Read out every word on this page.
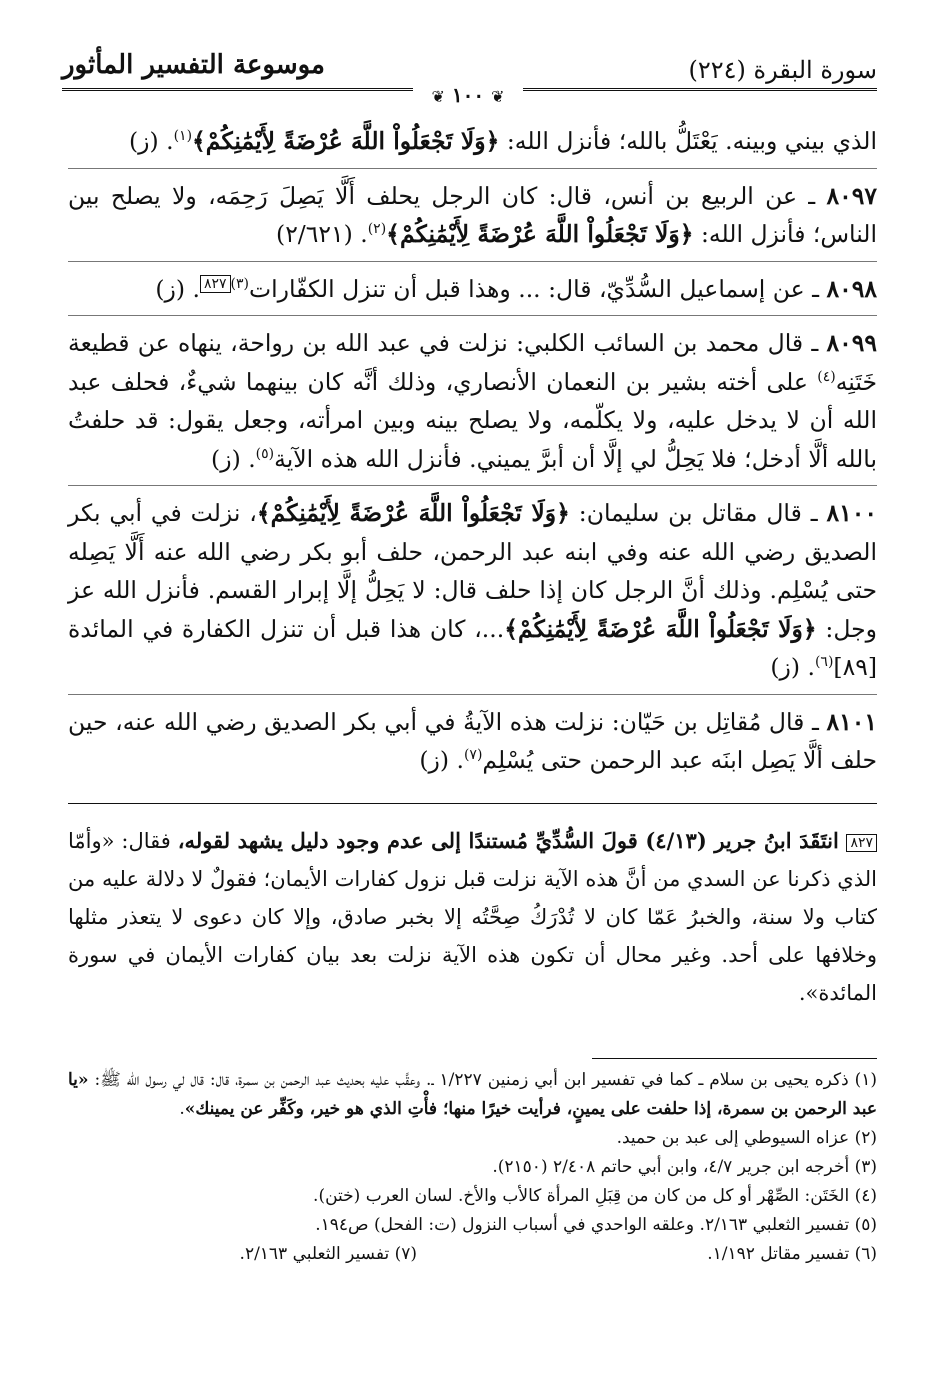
سورة البقرة (٢٢٤)
موسوعة التفسير المأثور
❦ ١٠٠ ❦

الذي بيني وبينه. يَعْتَلُّ بالله؛ فأنزل الله: ﴿وَلَا تَجْعَلُواْ اللَّهَ عُرْضَةً لِأَيْمَٰنِكُمْ﴾$^{(١)}$. (ز)

٨٠٩٧ ـ عن الربيع بن أنس، قال: كان الرجل يحلف أَلَّا يَصِلَ رَحِمَه، ولا يصلح بين الناس؛ فأنزل الله: ﴿وَلَا تَجْعَلُواْ اللَّهَ عُرْضَةً لِأَيْمَٰنِكُمْ﴾$^{(٢)}$. (٢/٦٢١)

٨٠٩٨ ـ عن إسماعيل السُّدِّيّ، قال: ... وهذا قبل أن تنزل الكفّارات$^{(٣)}$٨٢٧. (ز)

٨٠٩٩ ـ قال محمد بن السائب الكلبي: نزلت في عبد الله بن رواحة، ينهاه عن قطيعة خَتَنِه$^{(٤)}$ على أخته بشير بن النعمان الأنصاري، وذلك أنَّه كان بينهما شيءٌ، فحلف عبد الله أن لا يدخل عليه، ولا يكلّمه، ولا يصلح بينه وبين امرأته، وجعل يقول: قد حلفتُ بالله ألَّا أدخل؛ فلا يَحِلُّ لي إلَّا أن أبرَّ يميني. فأنزل الله هذه الآية$^{(٥)}$. (ز)

٨١٠٠ ـ قال مقاتل بن سليمان: ﴿وَلَا تَجْعَلُواْ اللَّهَ عُرْضَةً لِأَيْمَٰنِكُمْ﴾، نزلت في أبي بكر الصديق رضي الله عنه وفي ابنه عبد الرحمن، حلف أبو بكر رضي الله عنه أَلَّا يَصِله حتى يُسْلِم. وذلك أنَّ الرجل كان إذا حلف قال: لا يَحِلُّ إلَّا إبرار القسم. فأنزل الله عز وجل: ﴿وَلَا تَجْعَلُواْ اللَّهَ عُرْضَةً لِأَيْمَٰنِكُمْ﴾...، كان هذا قبل أن تنزل الكفارة في المائدة [٨٩]$^{(٦)}$. (ز)

٨١٠١ ـ قال مُقاتِل بن حَيّان: نزلت هذه الآيةُ في أبي بكر الصديق رضي الله عنه، حين حلف ألَّا يَصِل ابنَه عبد الرحمن حتى يُسْلِم$^{(٧)}$. (ز)

٨٢٧ انتَقَدَ ابنُ جرير (٤/١٣) قولَ السُّدِّيِّ مُستندًا إلى عدم وجود دليل يشهد لقوله، فقال: «وأمّا الذي ذكرنا عن السدي من أنَّ هذه الآية نزلت قبل نزول كفارات الأيمان؛ فقولٌ لا دلالة عليه من كتاب ولا سنة، والخبرُ عَمّا كان لا تُدْرَكُ صِحَّتُه إلا بخبر صادق، وإلا كان دعوى لا يتعذر مثلها وخلافها على أحد. وغير محال أن تكون هذه الآية نزلت بعد بيان كفارات الأيمان في سورة المائدة».

(١) ذكره يحيى بن سلام ـ كما في تفسير ابن أبي زمنين ١/٢٢٧ ـ. وعقَّب عليه بحديث عبد الرحمن بن سمرة، قال: قال لي رسول الله ﷺ: «يا عبد الرحمن بن سمرة، إذا حلفت على يمينٍ، فرأيت خيرًا منها؛ فأْتِ الذي هو خير، وكَفِّر عن يمينك».

(٢) عزاه السيوطي إلى عبد بن حميد.

(٣) أخرجه ابن جرير ٤/٧، وابن أبي حاتم ٢/٤٠٨ (٢١٥٠).

(٤) الخَتَن: الصِّهْر أو كل من كان من قِبَلِ المرأة كالأب والأخ. لسان العرب (ختن).

(٥) تفسير الثعلبي ٢/١٦٣. وعلقه الواحدي في أسباب النزول (ت: الفحل) ص١٩٤.

(٦) تفسير مقاتل ١/١٩٢.

(٧) تفسير الثعلبي ٢/١٦٣.
